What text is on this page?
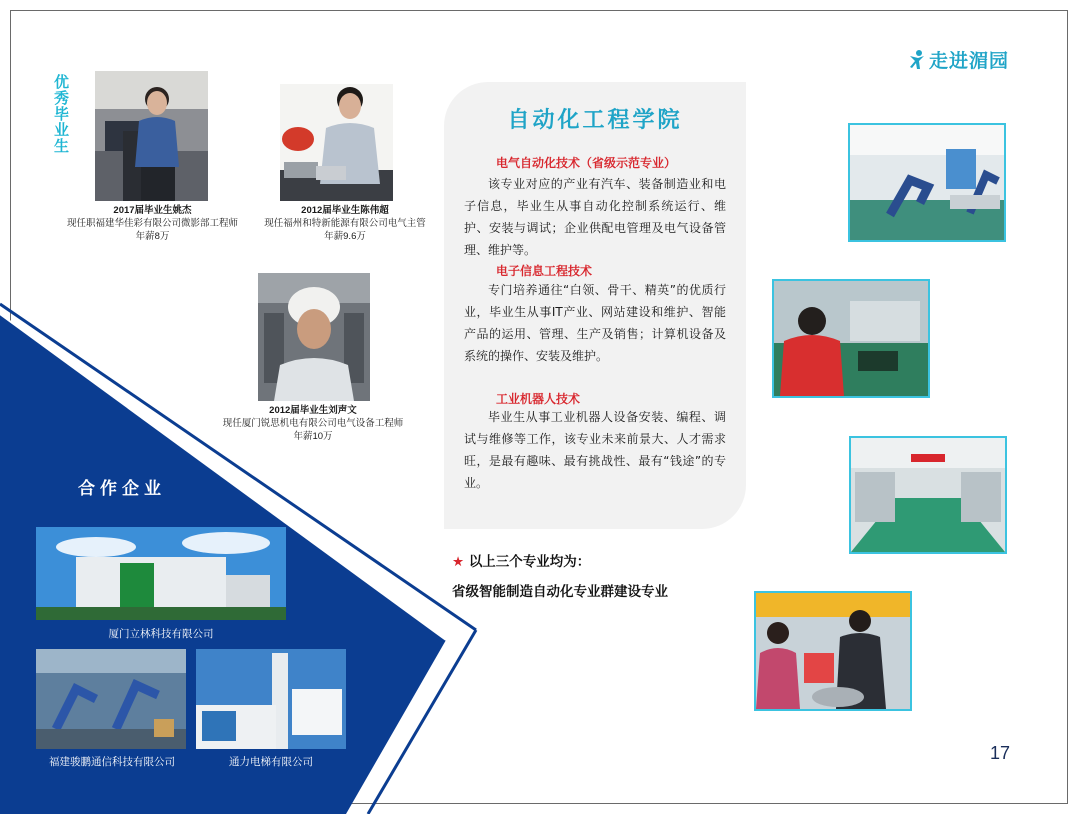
走进湄园
优秀毕业生
2017届毕业生姚杰
现任职福建华佳彩有限公司微影部工程师
年薪8万
2012届毕业生陈伟超
现任福州和特新能源有限公司电气主管
年薪9.6万
2012届毕业生刘声文
现任厦门锐思机电有限公司电气设备工程师
年薪10万
自动化工程学院
电气自动化技术（省级示范专业）
该专业对应的产业有汽车、装备制造业和电子信息，毕业生从事自动化控制系统运行、维护、安装与调试；企业供配电管理及电气设备管理、维护等。
电子信息工程技术
专门培养通往“白领、骨干、精英”的优质行业，毕业生从事IT产业、网站建设和维护、智能产品的运用、管理、生产及销售；计算机设备及系统的操作、安装及维护。
工业机器人技术
毕业生从事工业机器人设备安装、编程、调试与维修等工作，该专业未来前景大、人才需求旺，是最有趣味、最有挑战性、最有“钱途”的专业。
★ 以上三个专业均为：
省级智能制造自动化专业群建设专业
合作企业
厦门立林科技有限公司
福建骏鹏通信科技有限公司	通力电梯有限公司	17
